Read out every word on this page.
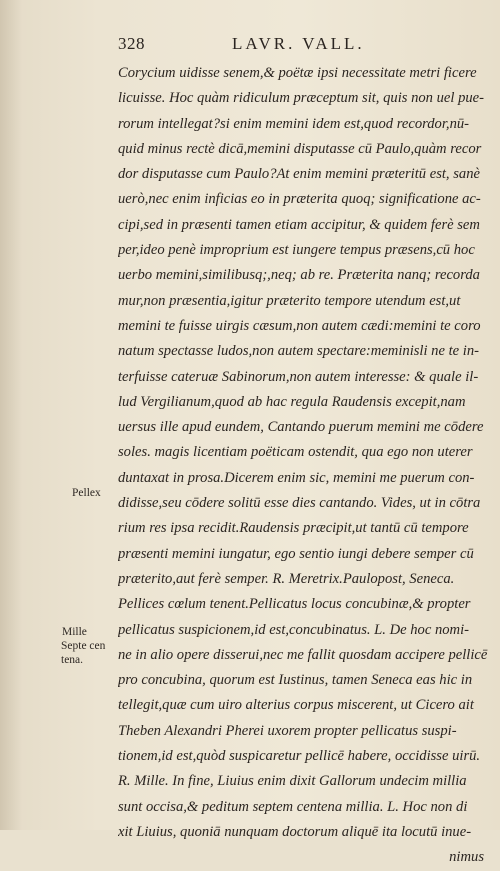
328	LAVR. VALL.
Pellex
Mille
Septe cen
tena.
Corycium uidisse senem,& poëtæ ipsi necessitate metri ficere
licuisse. Hoc quàm ridiculum præceptum sit, quis non uel pue-
rorum intellegat?si enim memini idem est,quod recordor,nū-
quid minus rectè dicā,memini disputasse cū Paulo,quàm recor
dor disputasse cum Paulo?At enim memini præteritū est, sanè
uerò,nec enim inficias eo in præterita quoq; significatione ac-
cipi,sed in præsenti tamen etiam accipitur, & quidem ferè sem
per,ideo penè improprium est iungere tempus præsens,cū hoc
uerbo memini,similibusq;,neq; ab re. Præterita nanq; recorda
mur,non præsentia,igitur præterito tempore utendum est,ut
memini te fuisse uirgis cæsum,non autem cædi:memini te coro
natum spectasse ludos,non autem spectare:meminisli ne te in-
terfuisse cateruæ Sabinorum,non autem interesse: & quale il-
lud Vergilianum,quod ab hac regula Raudensis excepit,nam
uersus ille apud eundem, Cantando puerum memini me cōdere
soles. magis licentiam poëticam ostendit, qua ego non uterer
duntaxat in prosa.Dicerem enim sic, memini me puerum con-
didisse,seu cōdere solitū esse dies cantando. Vides, ut in cōtra
rium res ipsa recidit.Raudensis præcipit,ut tantū cū tempore
præsenti memini iungatur, ego sentio iungi debere semper cū
præterito,aut ferè semper. R. Meretrix.Paulopost, Seneca.
Pellices cœlum tenent.Pellicatus locus concubinæ,& propter
pellicatus suspicionem,id est,concubinatus. L. De hoc nomi-
ne in alio opere disserui,nec me fallit quosdam accipere pellicē
pro concubina, quorum est Iustinus, tamen Seneca eas hic in
tellegit,quæ cum uiro alterius corpus miscerent, ut Cicero ait
Theben Alexandri Pherei uxorem propter pellicatus suspi-
tionem,id est,quòd suspicaretur pellicē habere, occidisse uirū.
R. Mille. In fine, Liuius enim dixit Gallorum undecim millia
sunt occisa,& peditum septem centena millia. L. Hoc non di
xit Liuius, quoniā nunquam doctorum aliquē ita locutū inue-
nimus
